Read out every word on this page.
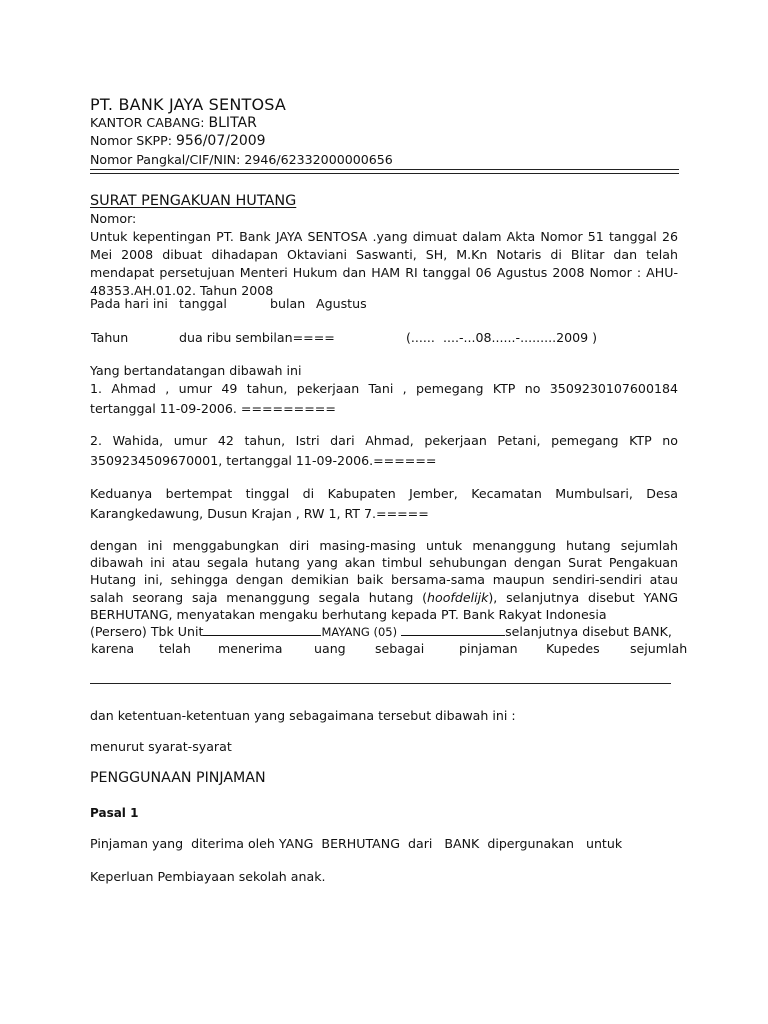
PT. BANK JAYA SENTOSA
KANTOR CABANG: BLITAR
Nomor SKPP: 956/07/2009
Nomor Pangkal/CIF/NIN: 2946/62332000000656
SURAT PENGAKUAN HUTANG
Nomor:
Untuk kepentingan PT. Bank JAYA SENTOSA .yang dimuat dalam Akta Nomor 51 tanggal 26 Mei 2008 dibuat dihadapan Oktaviani Saswanti, SH, M.Kn Notaris di Blitar dan telah mendapat persetujuan Menteri Hukum dan HAM RI tanggal 06 Agustus 2008 Nomor : AHU-48353.AH.01.02. Tahun 2008
Pada hari ini tanggal	bulan Agustus
Tahun	dua ribu sembilan====	(......  ....-...08......-.........2009 )
Yang bertandatangan dibawah ini
1. Ahmad , umur 49 tahun, pekerjaan Tani , pemegang KTP no 3509230107600184 tertanggal 11-09-2006. =========
2. Wahida, umur 42 tahun, Istri dari Ahmad, pekerjaan Petani, pemegang KTP no 3509234509670001, tertanggal 11-09-2006.======
Keduanya bertempat tinggal di Kabupaten Jember, Kecamatan Mumbulsari, Desa Karangkedawung, Dusun Krajan , RW 1, RT 7.=====
dengan ini menggabungkan diri masing-masing untuk menanggung hutang sejumlah dibawah ini atau segala hutang yang akan timbul sehubungan dengan Surat Pengakuan Hutang ini, sehingga dengan demikian baik bersama-sama maupun sendiri-sendiri atau salah seorang saja menanggung segala hutang (hoofdelijk), selanjutnya disebut YANG BERHUTANG, menyatakan mengaku berhutang kepada PT. Bank Rakyat Indonesia
(Persero) Tbk Unit	MAYANG (05)	selanjutnya disebut BANK,
karena telah menerima	uang sebagai	pinjaman Kupedes sejumlah
dan ketentuan-ketentuan yang sebagaimana tersebut dibawah ini :
menurut syarat-syarat
PENGGUNAAN PINJAMAN
Pasal 1
Pinjaman yang  diterima oleh YANG  BERHUTANG  dari   BANK  dipergunakan   untuk
Keperluan Pembiayaan sekolah anak.
